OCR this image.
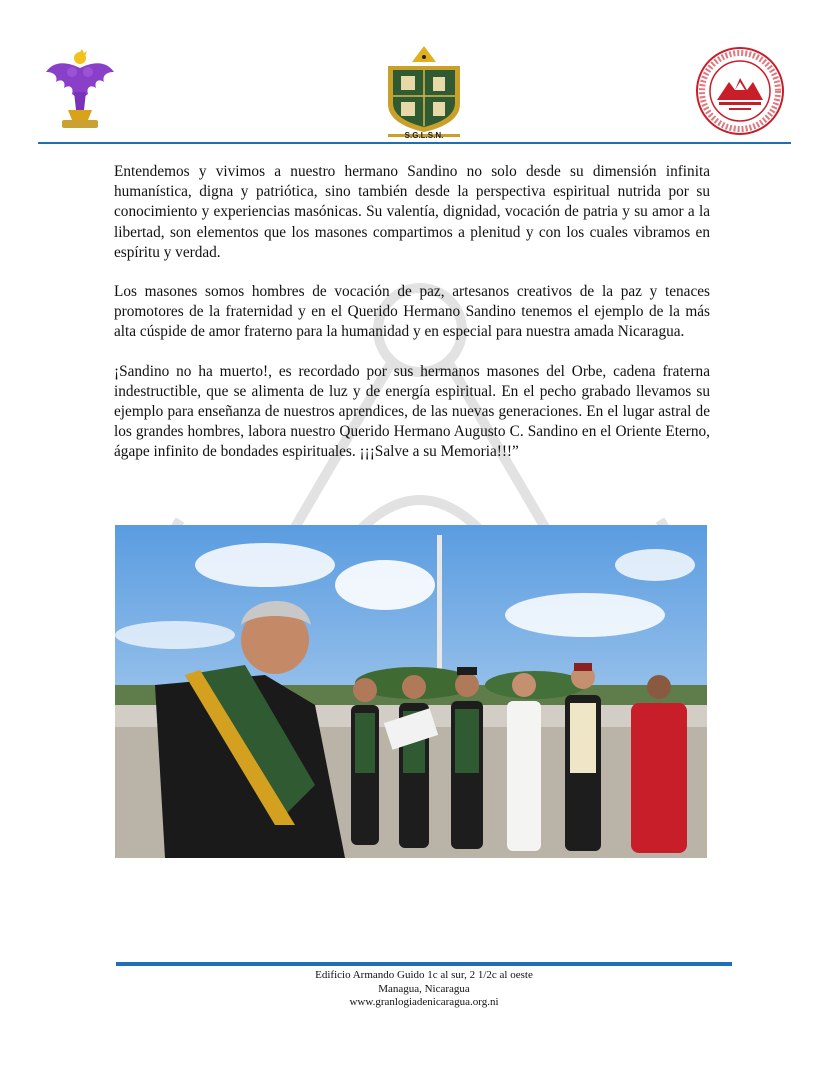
S.G.L.S.N.

Entendemos y vivimos a nuestro hermano Sandino no solo desde su dimensión infinita humanística, digna y patriótica, sino también desde la perspectiva espiritual nutrida por su conocimiento y experiencias masónicas. Su valentía, dignidad, vocación de patria y su amor a la libertad, son elementos que los masones compartimos a plenitud y con los cuales vibramos en espíritu y verdad.

Los masones somos hombres de vocación de paz, artesanos creativos de la paz y tenaces promotores de la fraternidad y en el Querido Hermano Sandino tenemos el ejemplo de la más alta cúspide de amor fraterno para la humanidad y en especial para nuestra amada Nicaragua.

¡Sandino no ha muerto!, es recordado por sus hermanos masones del Orbe, cadena fraterna indestructible, que se alimenta de luz y de energía espiritual. En el pecho grabado llevamos su ejemplo para enseñanza de nuestros aprendices, de las nuevas generaciones. En el lugar astral de los grandes hombres, labora nuestro Querido Hermano Augusto C. Sandino en el Oriente Eterno, ágape infinito de bondades espirituales. ¡¡¡Salve a su Memoria!!!”

Edificio Armando Guido 1c al sur, 2 1/2c al oeste
Managua, Nicaragua
www.granlogiadenicaragua.org.ni
